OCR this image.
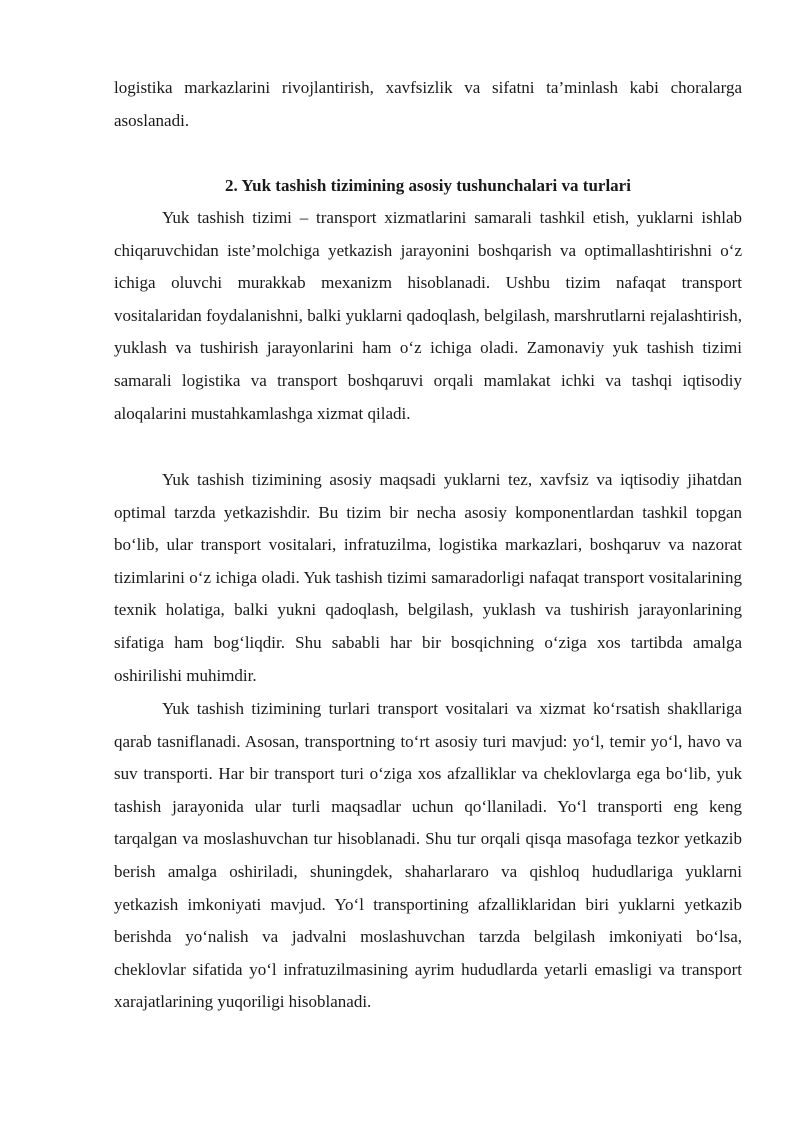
logistika markazlarini rivojlantirish, xavfsizlik va sifatni ta’minlash kabi choralarga asoslanadi.

2. Yuk tashish tizimining asosiy tushunchalari va turlari

Yuk tashish tizimi – transport xizmatlarini samarali tashkil etish, yuklarni ishlab chiqaruvchidan iste’molchiga yetkazish jarayonini boshqarish va optimallashtirishni o‘z ichiga oluvchi murakkab mexanizm hisoblanadi. Ushbu tizim nafaqat transport vositalaridan foydalanishni, balki yuklarni qadoqlash, belgilash, marshrutlarni rejalashtirish, yuklash va tushirish jarayonlarini ham o‘z ichiga oladi. Zamonaviy yuk tashish tizimi samarali logistika va transport boshqaruvi orqali mamlakat ichki va tashqi iqtisodiy aloqalarini mustahkamlashga xizmat qiladi.

Yuk tashish tizimining asosiy maqsadi yuklarni tez, xavfsiz va iqtisodiy jihatdan optimal tarzda yetkazishdir. Bu tizim bir necha asosiy komponentlardan tashkil topgan bo‘lib, ular transport vositalari, infratuzilma, logistika markazlari, boshqaruv va nazorat tizimlarini o‘z ichiga oladi. Yuk tashish tizimi samaradorligi nafaqat transport vositalarining texnik holatiga, balki yukni qadoqlash, belgilash, yuklash va tushirish jarayonlarining sifatiga ham bog‘liqdir. Shu sababli har bir bosqichning o‘ziga xos tartibda amalga oshirilishi muhimdir.

Yuk tashish tizimining turlari transport vositalari va xizmat ko‘rsatish shakllariga qarab tasniflanadi. Asosan, transportning to‘rt asosiy turi mavjud: yo‘l, temir yo‘l, havo va suv transporti. Har bir transport turi o‘ziga xos afzalliklar va cheklovlarga ega bo‘lib, yuk tashish jarayonida ular turli maqsadlar uchun qo‘llaniladi. Yo‘l transporti eng keng tarqalgan va moslashuvchan tur hisoblanadi. Shu tur orqali qisqa masofaga tezkor yetkazib berish amalga oshiriladi, shuningdek, shaharlararo va qishloq hududlariga yuklarni yetkazish imkoniyati mavjud. Yo‘l transportining afzalliklaridan biri yuklarni yetkazib berishda yo‘nalish va jadvalni moslashuvchan tarzda belgilash imkoniyati bo‘lsa, cheklovlar sifatida yo‘l infratuzilmasining ayrim hududlarda yetarli emasligi va transport xarajatlarining yuqoriligi hisoblanadi.
